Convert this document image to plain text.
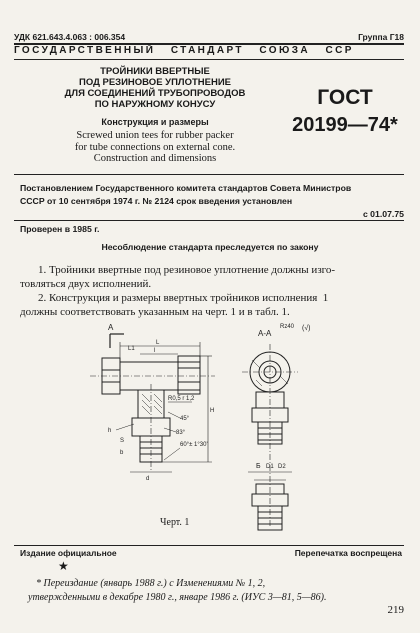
УДК 621.643.4.063 : 006.354	Группа Г18
ГОСУДАРСТВЕННЫЙ   СТАНДАРТ   СОЮЗА   ССР
ТРОЙНИКИ ВВЕРТНЫЕ
ПОД РЕЗИНОВОЕ УПЛОТНЕНИЕ
ДЛЯ СОЕДИНЕНИЙ ТРУБОПРОВОДОВ
ПО НАРУЖНОМУ КОНУСУ
Конструкция и размеры
Screwed union tees for rubber packer
for tube connections on external cone.
Construction and dimensions
ГОСТ
20199—74*
Постановлением Государственного комитета стандартов Совета Министров
СССР от 10 сентября 1974 г. № 2124 срок введения установлен
с 01.07.75
Проверен в 1985 г.
Несоблюдение стандарта преследуется по закону
1. Тройники ввертные под резиновое уплотнение должны изго-
товляться двух исполнений.
2. Конструкция и размеры ввертных тройников исполнения  1
должны соответствовать указанным на черт. 1 и в табл. 1.
А
А-А
Rz40 (√)
L
l
H
L1
R0,5 r 1,2
45°
83°
60°± 1°30'
h
d
S
b
Б D1 D2
Черт. 1
Издание официальное	Перепечатка воспрещена
★
* Переиздание (январь 1988 г.) с Изменениями № 1, 2,
утвержденными в декабре 1980 г., январе 1986 г. (ИУС 3—81, 5—86).
219
